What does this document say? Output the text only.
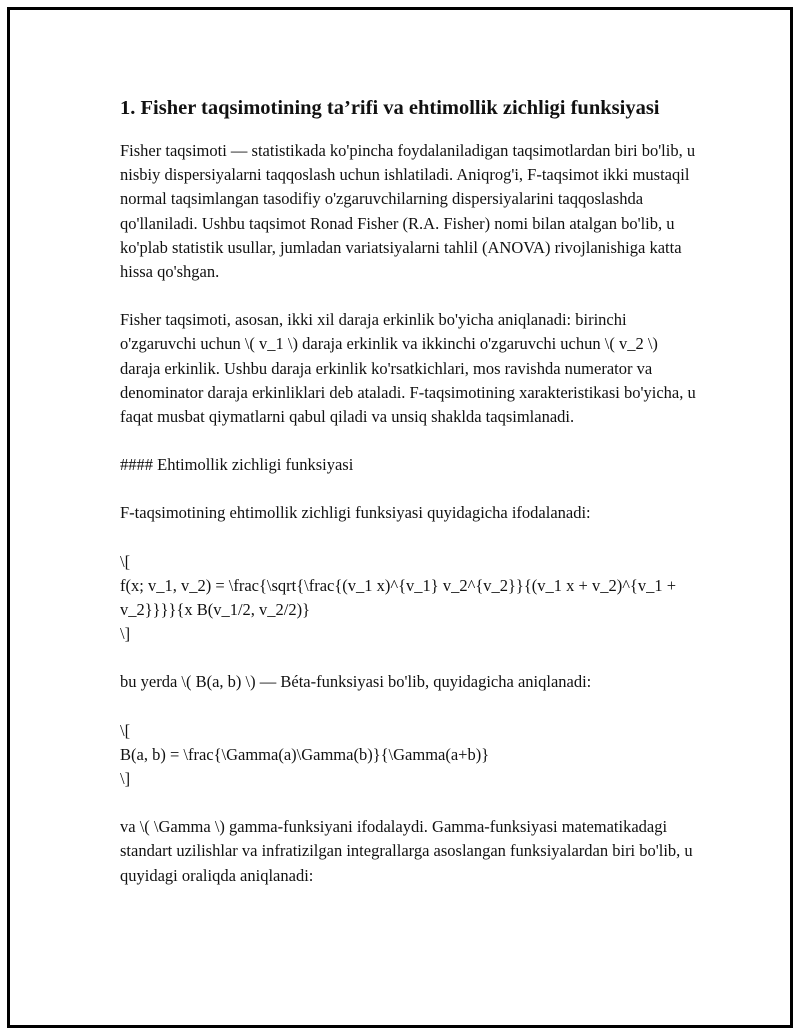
1. Fisher taqsimotining ta’rifi va ehtimollik zichligi funksiyasi

Fisher taqsimoti — statistikada ko'pincha foydalaniladigan taqsimotlardan biri bo'lib, u nisbiy dispersiyalarni taqqoslash uchun ishlatiladi. Aniqrog'i, F-taqsimot ikki mustaqil normal taqsimlangan tasodifiy o'zgaruvchilarning dispersiyalarini taqqoslashda qo'llaniladi. Ushbu taqsimot Ronad Fisher (R.A. Fisher) nomi bilan atalgan bo'lib, u ko'plab statistik usullar, jumladan variatsiyalarni tahlil (ANOVA) rivojlanishiga katta hissa qo'shgan.

Fisher taqsimoti, asosan, ikki xil daraja erkinlik bo'yicha aniqlanadi: birinchi o'zgaruvchi uchun \( v_1 \) daraja erkinlik va ikkinchi o'zgaruvchi uchun \( v_2 \) daraja erkinlik. Ushbu daraja erkinlik ko'rsatkichlari, mos ravishda numerator va denominator daraja erkinliklari deb ataladi. F-taqsimotining xarakteristikasi bo'yicha, u faqat musbat qiymatlarni qabul qiladi va unsiq shaklda taqsimlanadi.

#### Ehtimollik zichligi funksiyasi

F-taqsimotining ehtimollik zichligi funksiyasi quyidagicha ifodalanadi:

\[
f(x; v_1, v_2) = \frac{\sqrt{\frac{(v_1 x)^{v_1} v_2^{v_2}}{(v_1 x + v_2)^{v_1 + v_2}}}}{x B(v_1/2, v_2/2)}
\]

bu yerda \( B(a, b) \) — Béta-funksiyasi bo'lib, quyidagicha aniqlanadi:

\[
B(a, b) = \frac{\Gamma(a)\Gamma(b)}{\Gamma(a+b)}
\]

va \( \Gamma \) gamma-funksiyani ifodalaydi. Gamma-funksiyasi matematikadagi standart uzilishlar va infratizilgan integrallarga asoslangan funksiyalardan biri bo'lib, u quyidagi oraliqda aniqlanadi:
